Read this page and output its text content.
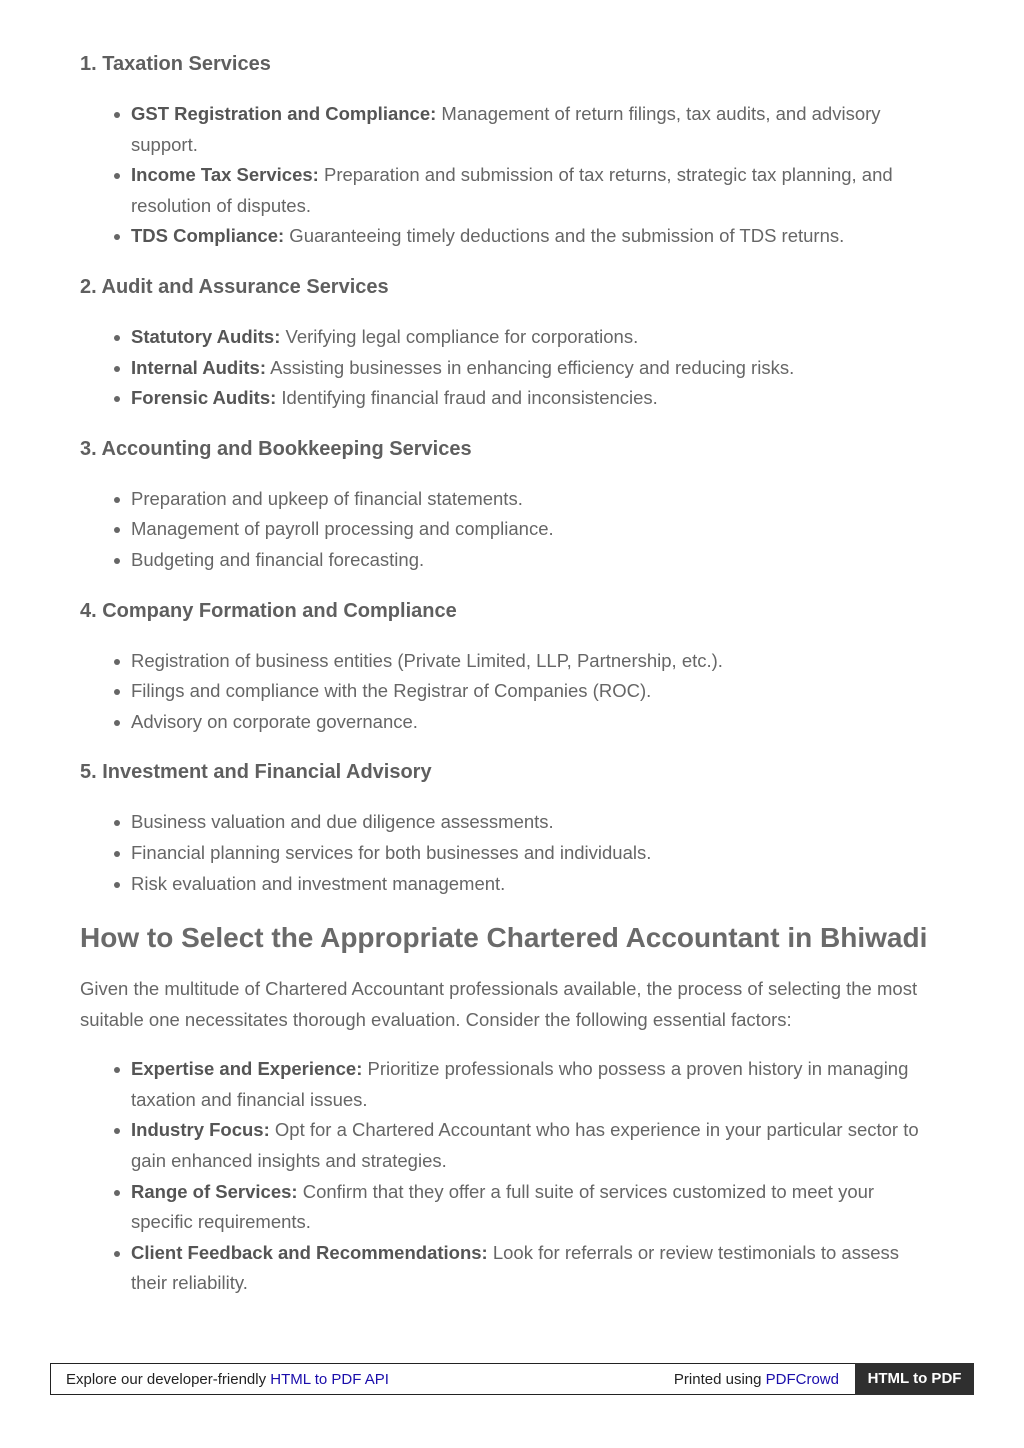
1. Taxation Services
GST Registration and Compliance: Management of return filings, tax audits, and advisory support.
Income Tax Services: Preparation and submission of tax returns, strategic tax planning, and resolution of disputes.
TDS Compliance: Guaranteeing timely deductions and the submission of TDS returns.
2. Audit and Assurance Services
Statutory Audits: Verifying legal compliance for corporations.
Internal Audits: Assisting businesses in enhancing efficiency and reducing risks.
Forensic Audits: Identifying financial fraud and inconsistencies.
3. Accounting and Bookkeeping Services
Preparation and upkeep of financial statements.
Management of payroll processing and compliance.
Budgeting and financial forecasting.
4. Company Formation and Compliance
Registration of business entities (Private Limited, LLP, Partnership, etc.).
Filings and compliance with the Registrar of Companies (ROC).
Advisory on corporate governance.
5. Investment and Financial Advisory
Business valuation and due diligence assessments.
Financial planning services for both businesses and individuals.
Risk evaluation and investment management.
How to Select the Appropriate Chartered Accountant in Bhiwadi

Given the multitude of Chartered Accountant professionals available, the process of selecting the most suitable one necessitates thorough evaluation. Consider the following essential factors:

Expertise and Experience: Prioritize professionals who possess a proven history in managing taxation and financial issues.
Industry Focus: Opt for a Chartered Accountant who has experience in your particular sector to gain enhanced insights and strategies.
Range of Services: Confirm that they offer a full suite of services customized to meet your specific requirements.
Client Feedback and Recommendations: Look for referrals or review testimonials to assess their reliability.
Explore our developer-friendly HTML to PDF API	Printed using PDFCrowd	HTML to PDF
